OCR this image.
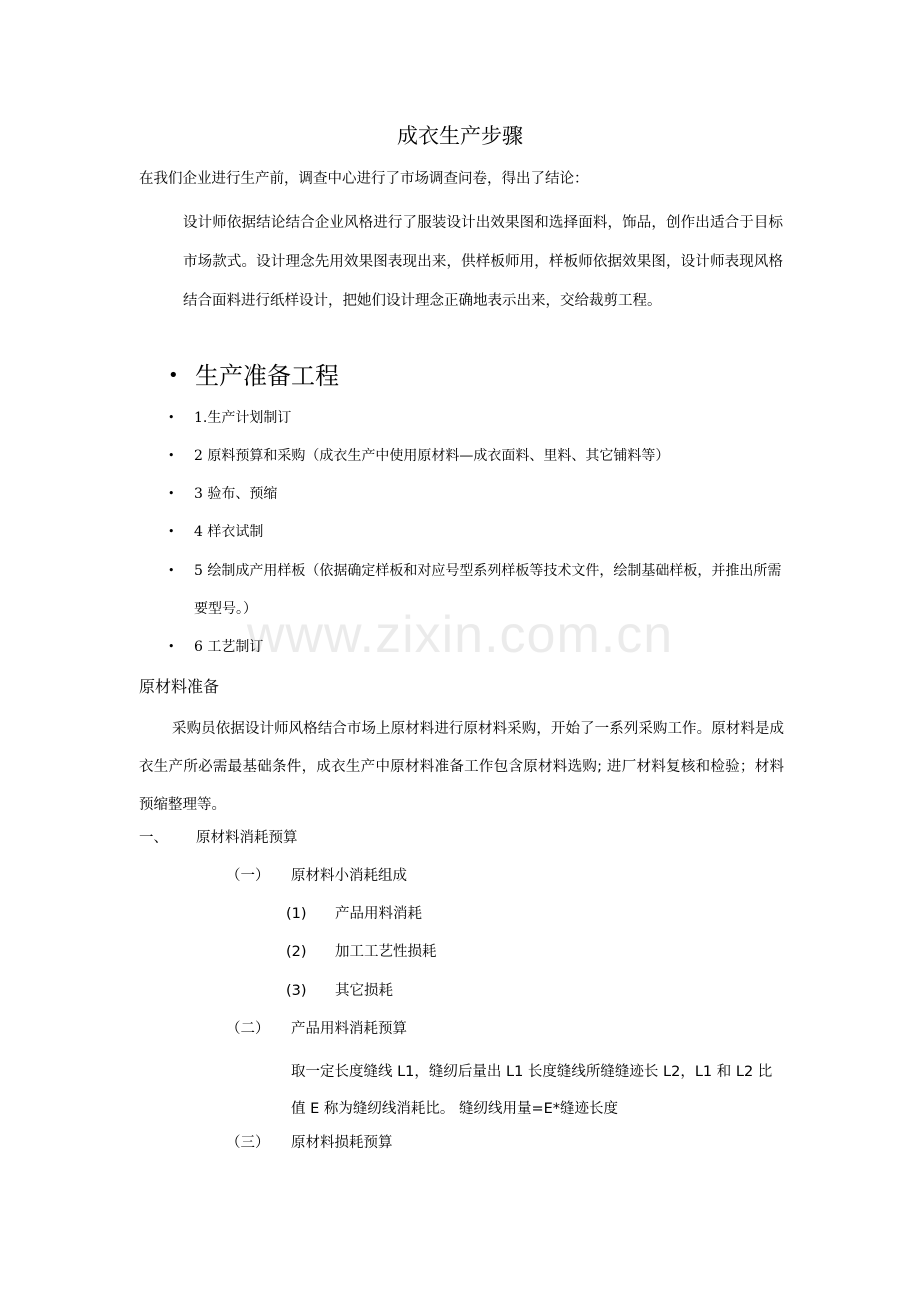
成衣生产步骤
在我们企业进行生产前，调查中心进行了市场调查问卷，得出了结论：
设计师依据结论结合企业风格进行了服装设计出效果图和选择面料，饰品，创作出适合于目标市场款式。设计理念先用效果图表现出来，供样板师用，样板师依据效果图，设计师表现风格结合面料进行纸样设计，把她们设计理念正确地表示出来，交给裁剪工程。
• 生产准备工程
• 1.生产计划制订
• 2 原料预算和采购（成衣生产中使用原材料—成衣面料、里料、其它铺料等）
• 3 验布、预缩
• 4 样衣试制
• 5 绘制成产用样板（依据确定样板和对应号型系列样板等技术文件，绘制基础样板，并推出所需要型号。）
• 6 工艺制订
www.zixin.com.cn
原材料准备
采购员依据设计师风格结合市场上原材料进行原材料采购，开始了一系列采购工作。原材料是成衣生产所必需最基础条件，成衣生产中原材料准备工作包含原材料选购; 进厂材料复核和检验；材料预缩整理等。
一、 原材料消耗预算
（一） 原材料小消耗组成
(1) 产品用料消耗
(2) 加工工艺性损耗
(3) 其它损耗
（二） 产品用料消耗预算
取一定长度缝线 L1，缝纫后量出 L1 长度缝线所缝缝迹长 L2，L1 和 L2 比值 E 称为缝纫线消耗比。 缝纫线用量=E*缝迹长度
（三） 原材料损耗预算
